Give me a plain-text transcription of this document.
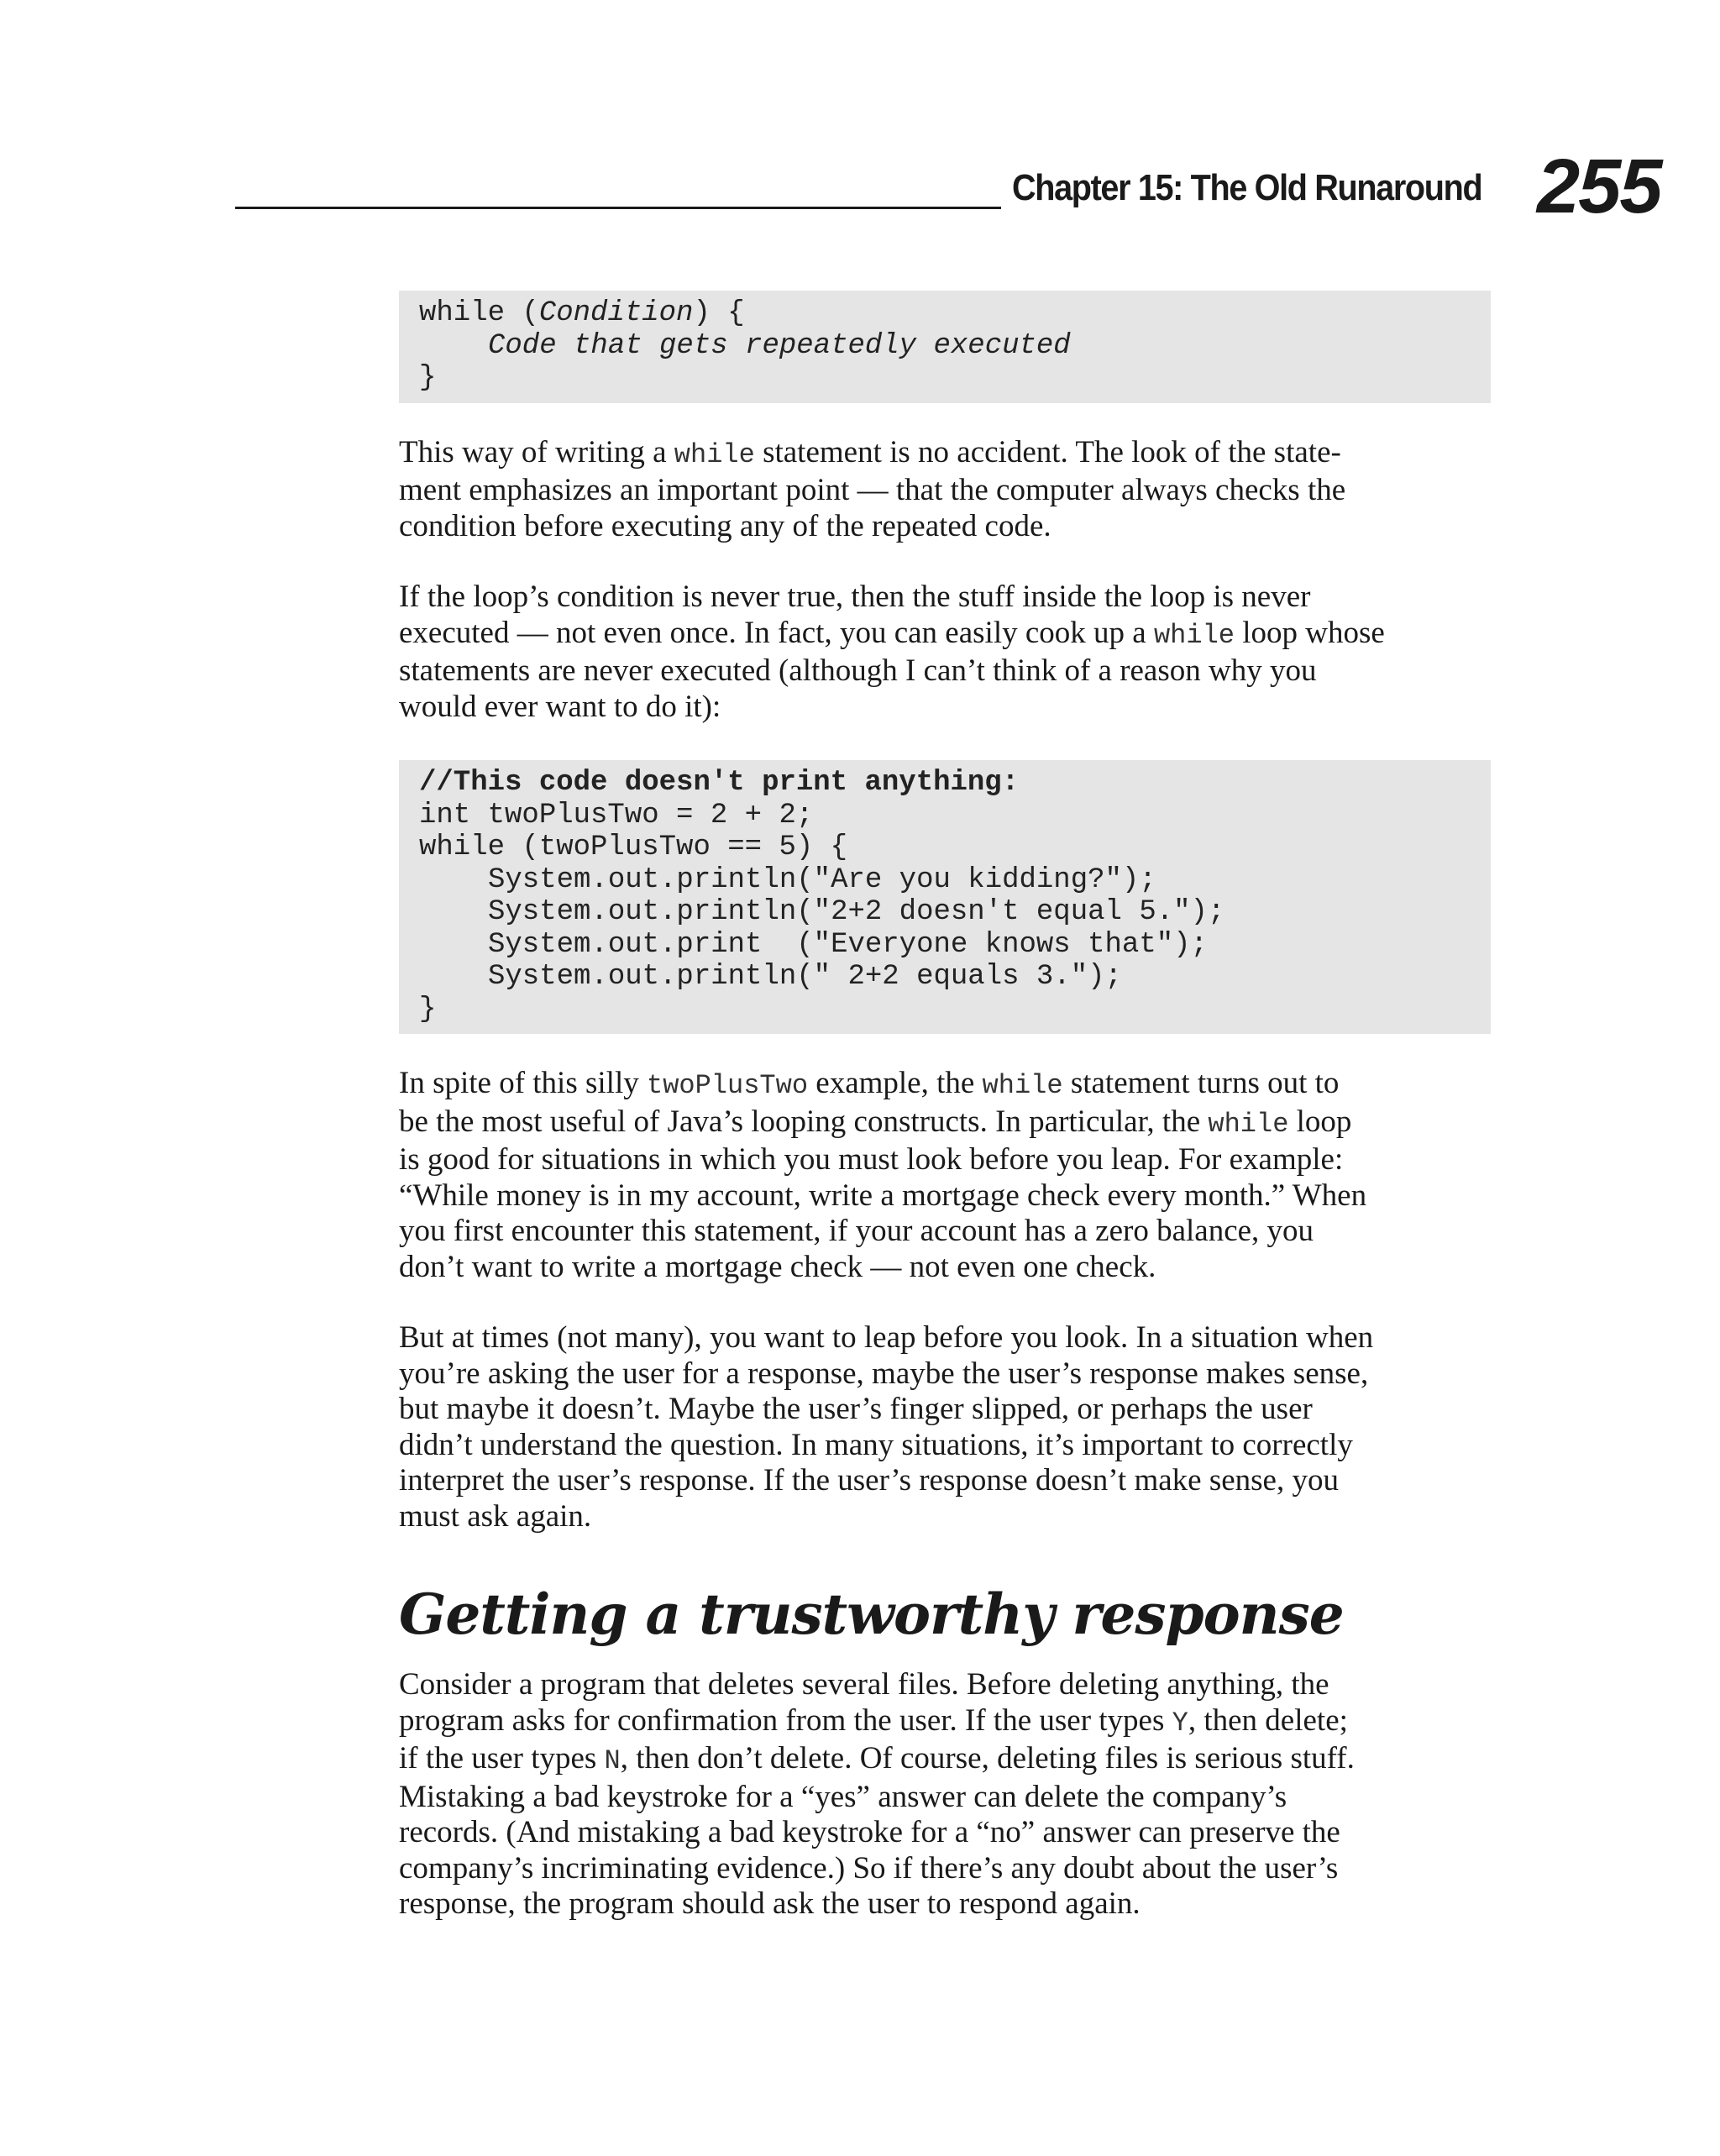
Chapter 15: The Old Runaround 255
while (Condition) {
Code that gets repeatedly executed
}

This way of writing a while statement is no accident. The look of the state-
ment emphasizes an important point — that the computer always checks the
condition before executing any of the repeated code.

If the loop’s condition is never true, then the stuff inside the loop is never
executed — not even once. In fact, you can easily cook up a while loop whose
statements are never executed (although I can’t think of a reason why you
would ever want to do it):

//This code doesn't print anything:
int twoPlusTwo = 2 + 2;
while (twoPlusTwo == 5) {
System.out.println("Are you kidding?");
System.out.println("2+2 doesn't equal 5.");
System.out.print  ("Everyone knows that");
System.out.println(" 2+2 equals 3.");
}

In spite of this silly twoPlusTwo example, the while statement turns out to
be the most useful of Java’s looping constructs. In particular, the while loop
is good for situations in which you must look before you leap. For example:
“While money is in my account, write a mortgage check every month.” When
you first encounter this statement, if your account has a zero balance, you
don’t want to write a mortgage check — not even one check.

But at times (not many), you want to leap before you look. In a situation when
you’re asking the user for a response, maybe the user’s response makes sense,
but maybe it doesn’t. Maybe the user’s finger slipped, or perhaps the user
didn’t understand the question. In many situations, it’s important to correctly
interpret the user’s response. If the user’s response doesn’t make sense, you
must ask again.

Getting a trustworthy response

Consider a program that deletes several files. Before deleting anything, the
program asks for confirmation from the user. If the user types Y, then delete;
if the user types N, then don’t delete. Of course, deleting files is serious stuff.
Mistaking a bad keystroke for a “yes” answer can delete the company’s
records. (And mistaking a bad keystroke for a “no” answer can preserve the
company’s incriminating evidence.) So if there’s any doubt about the user’s
response, the program should ask the user to respond again.
